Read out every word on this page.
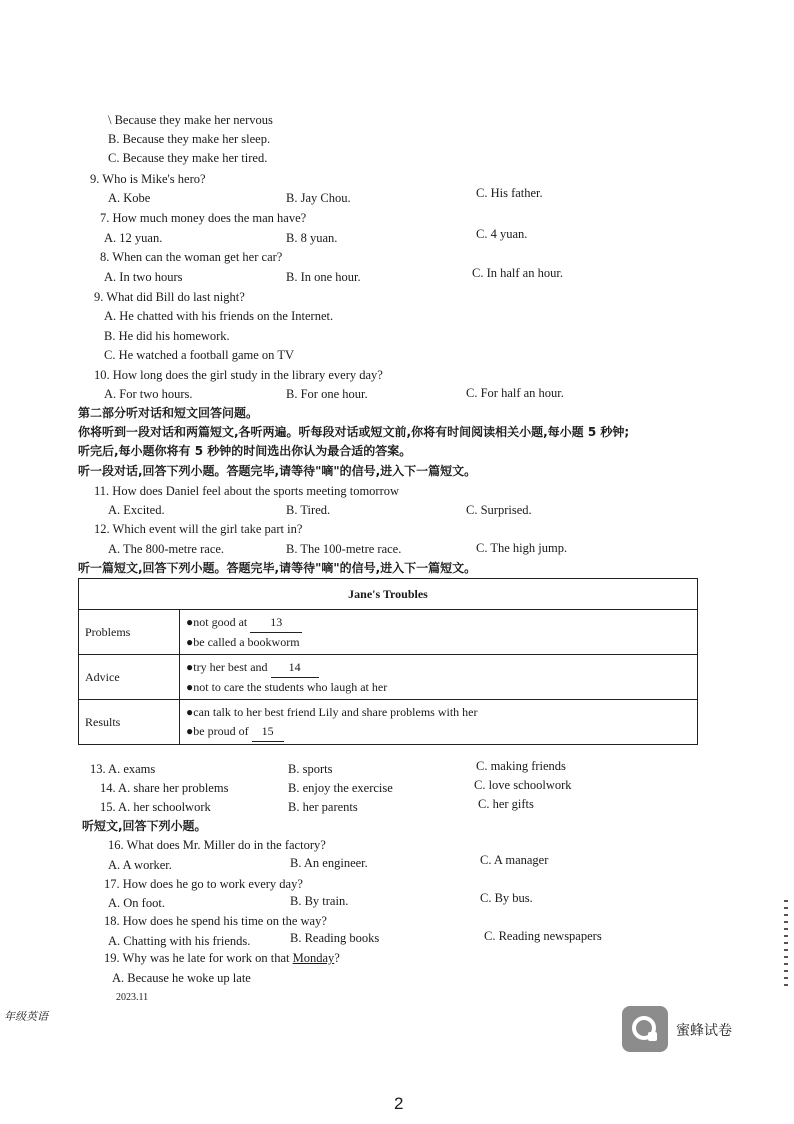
\ Because they make her nervous
B. Because they make her sleep.
C. Because they make her tired.
9. Who is Mike's hero?
A. Kobe	B. Jay Chou.	C. His father.
7. How much money does the man have?
A. 12 yuan.	B. 8 yuan.	C. 4 yuan.
8. When can the woman get her car?
A. In two hours	B. In one hour.	C. In half an hour.
9. What did Bill do last night?
A. He chatted with his friends on the Internet.
B. He did his homework.
C. He watched a football game on TV
10. How long does the girl study in the library every day?
A. For two hours.	B. For one hour.	C. For half an hour.
第二部分听对话和短文回答问题。
你将听到一段对话和两篇短文,各听两遍。听每段对话或短文前,你将有时间阅读相关小题,每小题 5 秒钟;
听完后,每小题你将有 5 秒钟的时间选出你认为最合适的答案。
听一段对话,回答下列小题。答题完毕,请等待"嘀"的信号,进入下一篇短文。
11. How does Daniel feel about the sports meeting tomorrow
A. Excited.	B. Tired.	C. Surprised.
12. Which event will the girl take part in?
A. The 800-metre race.	B. The 100-metre race.	C. The high jump.
听一篇短文,回答下列小题。答题完毕,请等待"嘀"的信号,进入下一篇短文。
Jane's Troubles	
Problems	●not good at 13
●be called a bookworm

Advice	●try her best and 14
●not to care the students who laugh at her

Results	●can talk to her best friend Lily and share problems with her
●be proud of 15
13. A. exams	B. sports	C. making friends
14. A. share her problems	B. enjoy the exercise	C. love schoolwork
15. A. her schoolwork	B. her parents	C. her gifts
听短文,回答下列小题。
16. What does Mr. Miller do in the factory?
A. A worker.	B. An engineer.	C. A manager
17. How does he go to work every day?
A. On foot.	B. By train.	C. By bus.
18. How does he spend his time on the way?
A. Chatting with his friends.	B. Reading books	C. Reading newspapers
19. Why was he late for work on that Monday?
A. Because he woke up late
2023.11
年级英语
蜜蜂试卷
2
